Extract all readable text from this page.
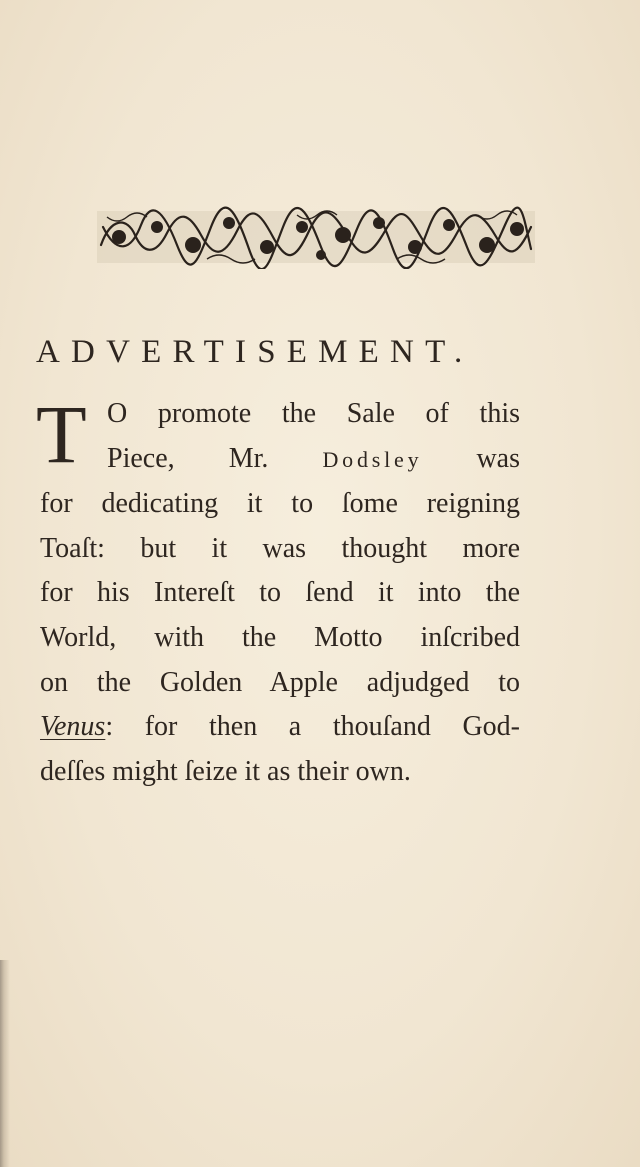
ADVERTISEMENT.
T O promote the Sale of this
Piece, Mr. Dodsley was
for dedicating it to ſome reigning
Toaſt: but it was thought more
for his Intereſt to ſend it into the
World, with the Motto inſcribed
on the Golden Apple adjudged to
Venus: for then a thouſand God-
deſſes might ſeize it as their own.
